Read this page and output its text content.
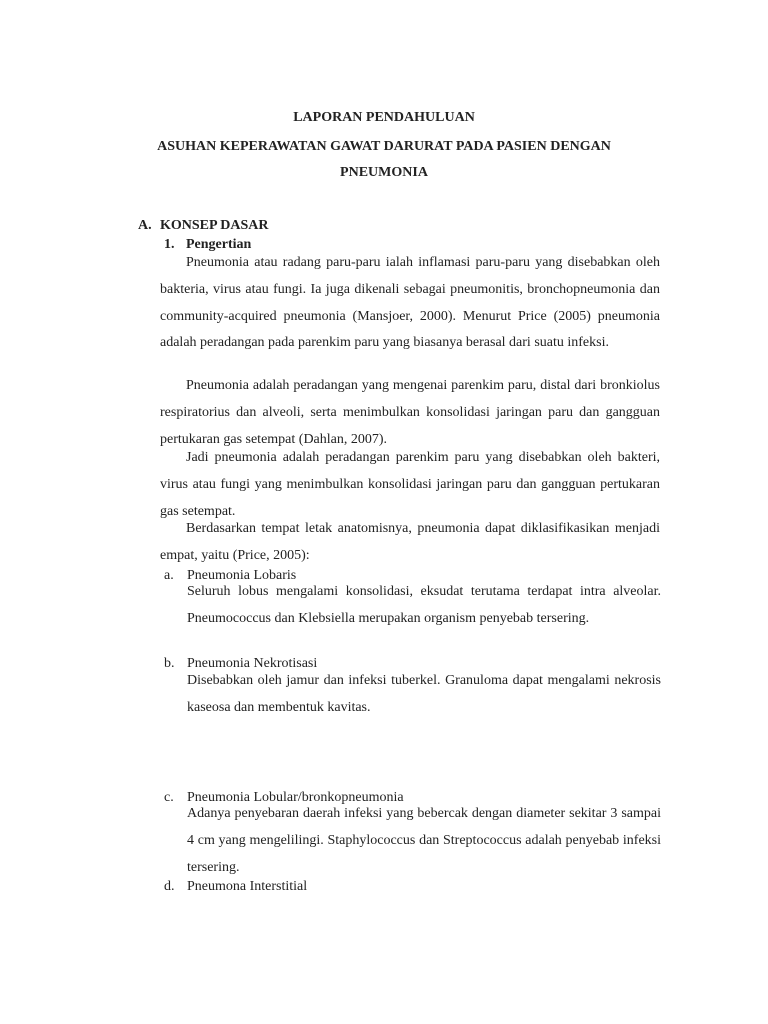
LAPORAN PENDAHULUAN
ASUHAN KEPERAWATAN GAWAT DARURAT PADA PASIEN DENGAN
PNEUMONIA
A. KONSEP DASAR
1. Pengertian

Pneumonia atau radang paru-paru ialah inflamasi paru-paru yang disebabkan oleh bakteria, virus atau fungi. Ia juga dikenali sebagai pneumonitis, bronchopneumonia dan community-acquired pneumonia (Mansjoer, 2000). Menurut Price (2005) pneumonia adalah peradangan pada parenkim paru yang biasanya berasal dari suatu infeksi.

Pneumonia adalah peradangan yang mengenai parenkim paru, distal dari bronkiolus respiratorius dan alveoli, serta menimbulkan konsolidasi jaringan paru dan gangguan pertukaran gas setempat (Dahlan, 2007).

Jadi pneumonia adalah peradangan parenkim paru yang disebabkan oleh bakteri, virus atau fungi yang menimbulkan konsolidasi jaringan paru dan gangguan pertukaran gas setempat.

Berdasarkan tempat letak anatomisnya, pneumonia dapat diklasifikasikan menjadi empat, yaitu (Price, 2005):

a. Pneumonia Lobaris

Seluruh lobus mengalami konsolidasi, eksudat terutama terdapat intra alveolar. Pneumococcus dan Klebsiella merupakan organism penyebab tersering.

b. Pneumonia Nekrotisasi

Disebabkan oleh jamur dan infeksi tuberkel. Granuloma dapat mengalami nekrosis kaseosa dan membentuk kavitas.

c. Pneumonia Lobular/bronkopneumonia

Adanya penyebaran daerah infeksi yang bebercak dengan diameter sekitar 3 sampai 4 cm yang mengelilingi. Staphylococcus dan Streptococcus adalah penyebab infeksi tersering.

d. Pneumona Interstitial
